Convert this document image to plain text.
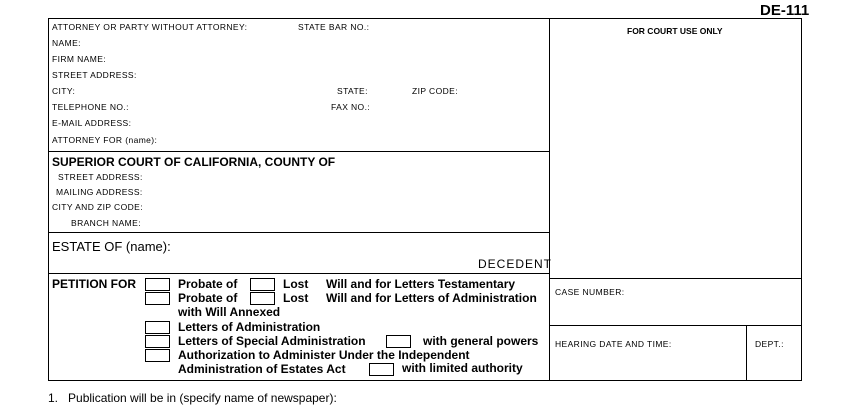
DE-111
ATTORNEY OR PARTY WITHOUT ATTORNEY:	STATE BAR NO.:
NAME:
FIRM NAME:
STREET ADDRESS:
CITY:	STATE:	ZIP CODE:
TELEPHONE NO.:	FAX NO.:
E-MAIL ADDRESS:
ATTORNEY FOR (name):
FOR COURT USE ONLY
SUPERIOR COURT OF CALIFORNIA, COUNTY OF
STREET ADDRESS:
MAILING ADDRESS:
CITY AND ZIP CODE:
BRANCH NAME:
ESTATE OF (name):
DECEDENT
PETITION FOR	Probate of	Lost Will and for Letters Testamentary
Probate of	Lost Will and for Letters of Administration
with Will Annexed
Letters of Administration
Letters of Special Administration	with general powers
Authorization to Administer Under the Independent
Administration of Estates Act	with limited authority
CASE NUMBER:
HEARING DATE AND TIME:	DEPT.:
1.   Publication will be in (specify name of newspaper):
